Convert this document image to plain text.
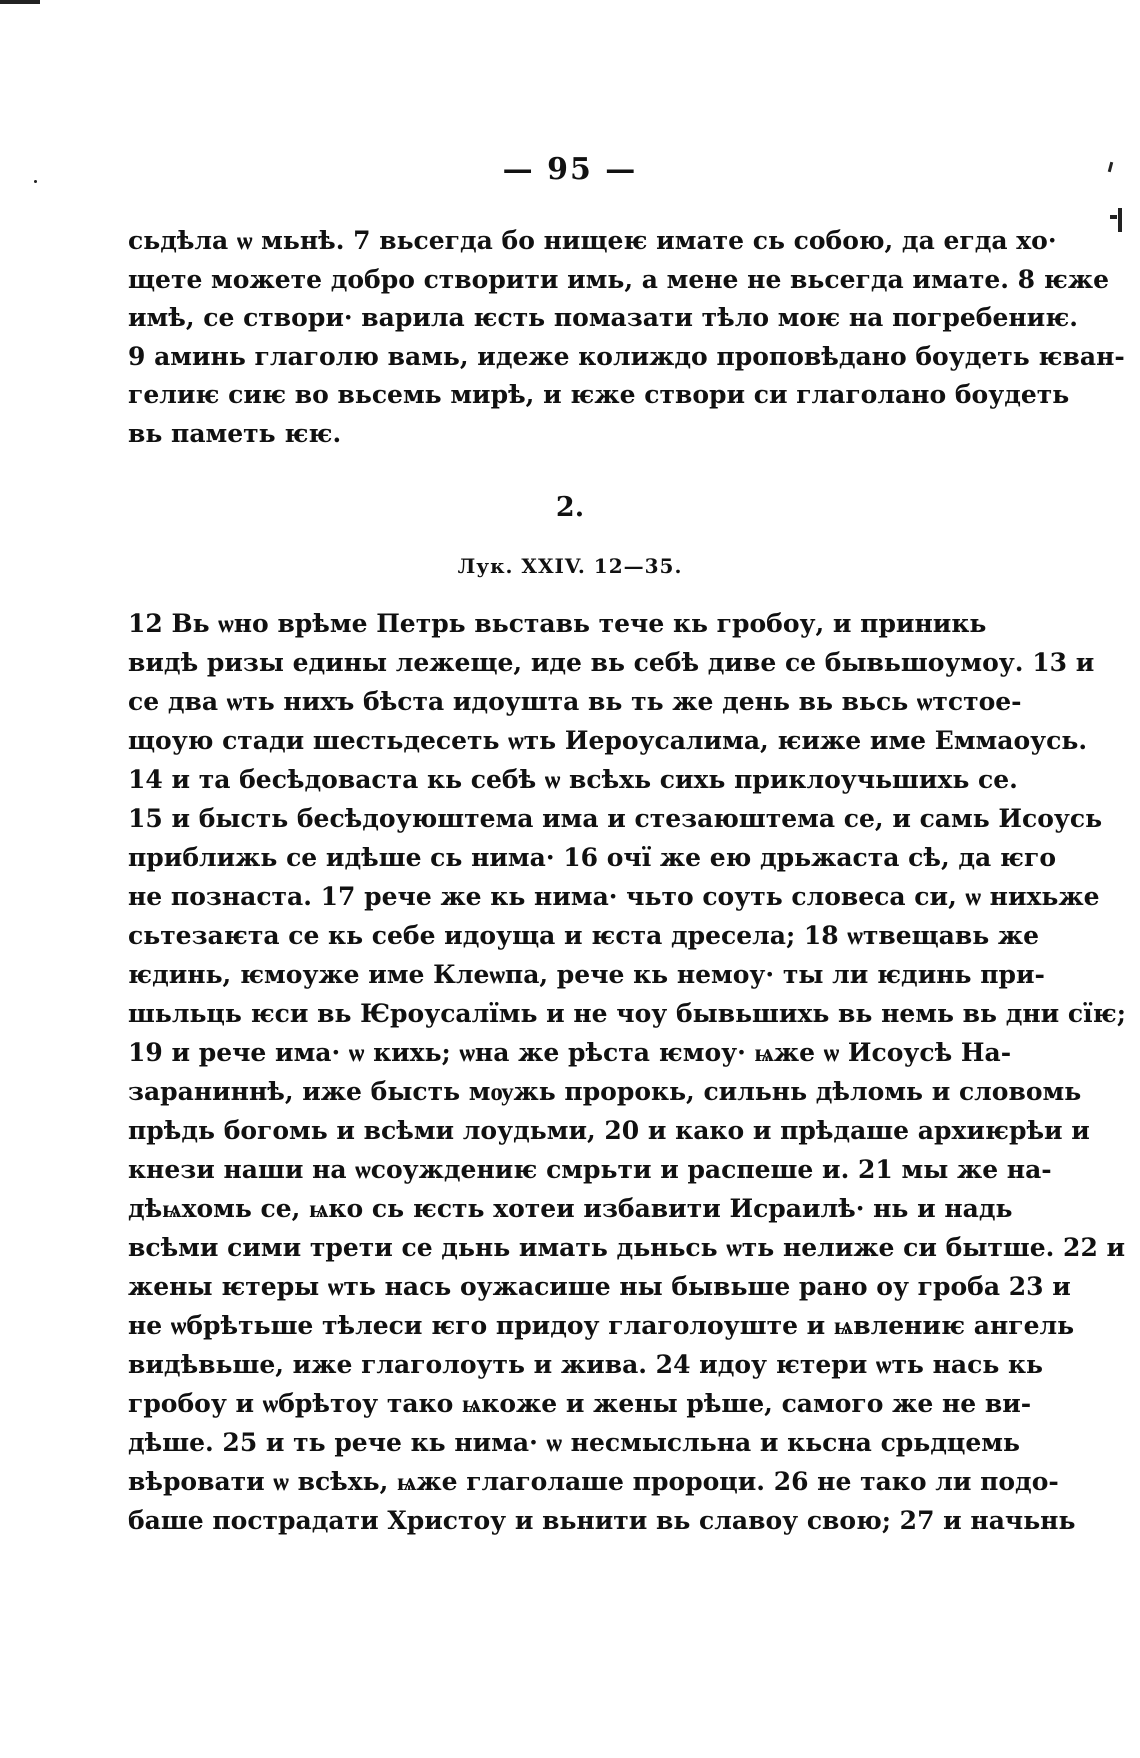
— 95 —
сьдѣла ѡ мьнѣ. 7 вьсегда бо нищеѥ имате сь собою, да егда хо·
щете можете добро створити имь, а мене не вьсегда имате. 8 ѥже
имѣ, се створи· варила ѥсть помазати тѣло моѥ на погребениѥ.
9 аминь глаголю вамь, идеже колиждо проповѣдано боудеть ѥван-
гелиѥ сиѥ во вьсемь мирѣ, и ѥже створи си глаголано боудеть
вь паметь ѥѥ.
2.
Лук. XXIV. 12—35.
12 Вь ѡно врѣме Петрь вьставь тече кь гробоу, и приникь
видѣ ризы едины лежеще, иде вь себѣ диве се бывьшоумоу. 13 и
се два ѡть нихъ бѣста идоушта вь ть же день вь вьсь ѡтстое-
щоую стади шестьдесеть ѡть Иероусалима, ѥиже име Еммаоусь.
14 и та бесѣдоваста кь себѣ ѡ всѣхь сихь приклоучьшихь се.
15 и бысть бесѣдоуюштема има и стезаюштема се, и самь Исоусь
приближь се идѣше сь нима· 16 очї же ею дрьжаста сѣ, да ѥго
не познаста. 17 рече же кь нима· чьто соуть словеса си, ѡ нихьже
сьтезаѥта се кь себе идоуща и ѥста дресела; 18 ѡтвещавь же
ѥдинь, ѥмоуже име Клеѡпа, рече кь немоу· ты ли ѥдинь при-
шьльць ѥси вь Ѥроусалїмь и не чоу бывьшихь вь немь вь дни сїѥ;
19 и рече има· ѡ кихь; ѡна же рѣста ѥмоу· ѩже ѡ Исоусѣ На-
зараниннѣ, иже бысть мѹжь пророкь, сильнь дѣломь и словомь
прѣдь богомь и всѣми лоудьми, 20 и како и прѣдаше архиѥрѣи и
кнези наши на ѡсоуждениѥ смрьти и распеше и. 21 мы же на-
дѣѩхомь се, ѩко сь ѥсть хотеи избавити Исраилѣ· нь и надь
всѣми сими трети се дьнь имать дьньсь ѡть нелиже си бытше. 22 и
жены ѥтеры ѡть нась оужасише ны бывьше рано оу гроба 23 и
не ѡбрѣтьше тѣлеси ѥго придоу глаголоуште и ѩвлениѥ ангель
видѣвьше, иже глаголоуть и жива. 24 идоу ѥтери ѡть нась кь
гробоу и ѡбрѣтоу тако ѩкоже и жены рѣше, самого же не ви-
дѣше. 25 и ть рече кь нима· ѡ несмысльна и кьсна срьдцемь
вѣровати ѡ всѣхь, ѩже глаголаше пророци. 26 не тако ли подо-
баше пострадати Христоу и вьнити вь славоу свою; 27 и начьнь
